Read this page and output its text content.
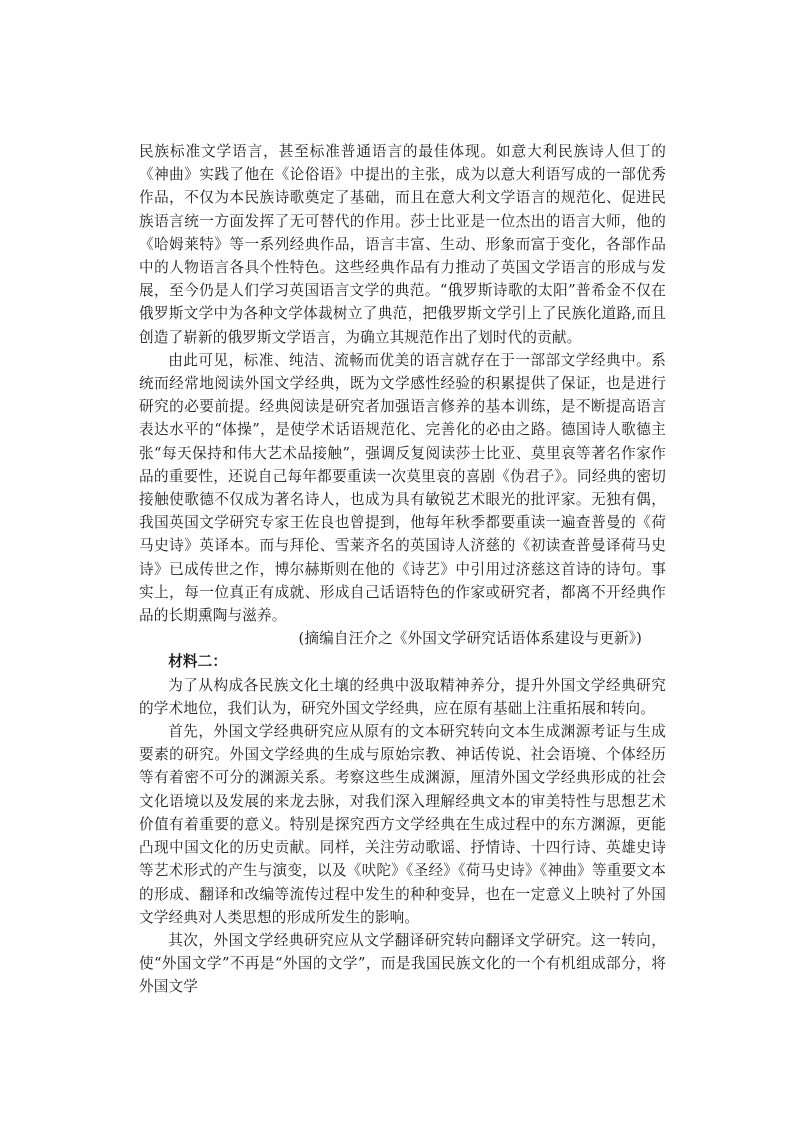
民族标准文学语言，甚至标准普通语言的最佳体现。如意大利民族诗人但丁的《神曲》实践了他在《论俗语》中提出的主张，成为以意大利语写成的一部优秀作品，不仅为本民族诗歌奠定了基础，而且在意大利文学语言的规范化、促进民族语言统一方面发挥了无可替代的作用。莎士比亚是一位杰出的语言大师，他的《哈姆莱特》等一系列经典作品，语言丰富、生动、形象而富于变化，各部作品中的人物语言各具个性特色。这些经典作品有力推动了英国文学语言的形成与发展，至今仍是人们学习英国语言文学的典范。“俄罗斯诗歌的太阳”普希金不仅在俄罗斯文学中为各种文学体裁树立了典范，把俄罗斯文学引上了民族化道路,而且创造了崭新的俄罗斯文学语言，为确立其规范作出了划时代的贡献。

由此可见，标准、纯洁、流畅而优美的语言就存在于一部部文学经典中。系统而经常地阅读外国文学经典，既为文学感性经验的积累提供了保证，也是进行研究的必要前提。经典阅读是研究者加强语言修养的基本训练，是不断提高语言表达水平的“体操”，是使学术话语规范化、完善化的必由之路。德国诗人歌德主张“每天保持和伟大艺术品接触”，强调反复阅读莎士比亚、莫里哀等著名作家作品的重要性，还说自己每年都要重读一次莫里哀的喜剧《伪君子》。同经典的密切接触使歌德不仅成为著名诗人，也成为具有敏锐艺术眼光的批评家。无独有偶，我国英国文学研究专家王佐良也曾提到，他每年秋季都要重读一遍查普曼的《荷马史诗》英译本。而与拜伦、雪莱齐名的英国诗人济慈的《初读查普曼译荷马史诗》已成传世之作，博尔赫斯则在他的《诗艺》中引用过济慈这首诗的诗句。事实上，每一位真正有成就、形成自己话语特色的作家或研究者，都离不开经典作品的长期熏陶与滋养。

(摘编自汪介之《外国文学研究话语体系建设与更新》)

材料二：

为了从构成各民族文化土壤的经典中汲取精神养分，提升外国文学经典研究的学术地位，我们认为，研究外国文学经典，应在原有基础上注重拓展和转向。

首先，外国文学经典研究应从原有的文本研究转向文本生成渊源考证与生成要素的研究。外国文学经典的生成与原始宗教、神话传说、社会语境、个体经历等有着密不可分的渊源关系。考察这些生成渊源，厘清外国文学经典形成的社会文化语境以及发展的来龙去脉，对我们深入理解经典文本的审美特性与思想艺术价值有着重要的意义。特别是探究西方文学经典在生成过程中的东方渊源，更能凸现中国文化的历史贡献。同样，关注劳动歌谣、抒情诗、十四行诗、英雄史诗等艺术形式的产生与演变，以及《吠陀》《圣经》《荷马史诗》《神曲》等重要文本的形成、翻译和改编等流传过程中发生的种种变异，也在一定意义上映衬了外国文学经典对人类思想的形成所发生的影响。

其次，外国文学经典研究应从文学翻译研究转向翻译文学研究。这一转向，使“外国文学”不再是“外国的文学”，而是我国民族文化的一个有机组成部分，将外国文学
